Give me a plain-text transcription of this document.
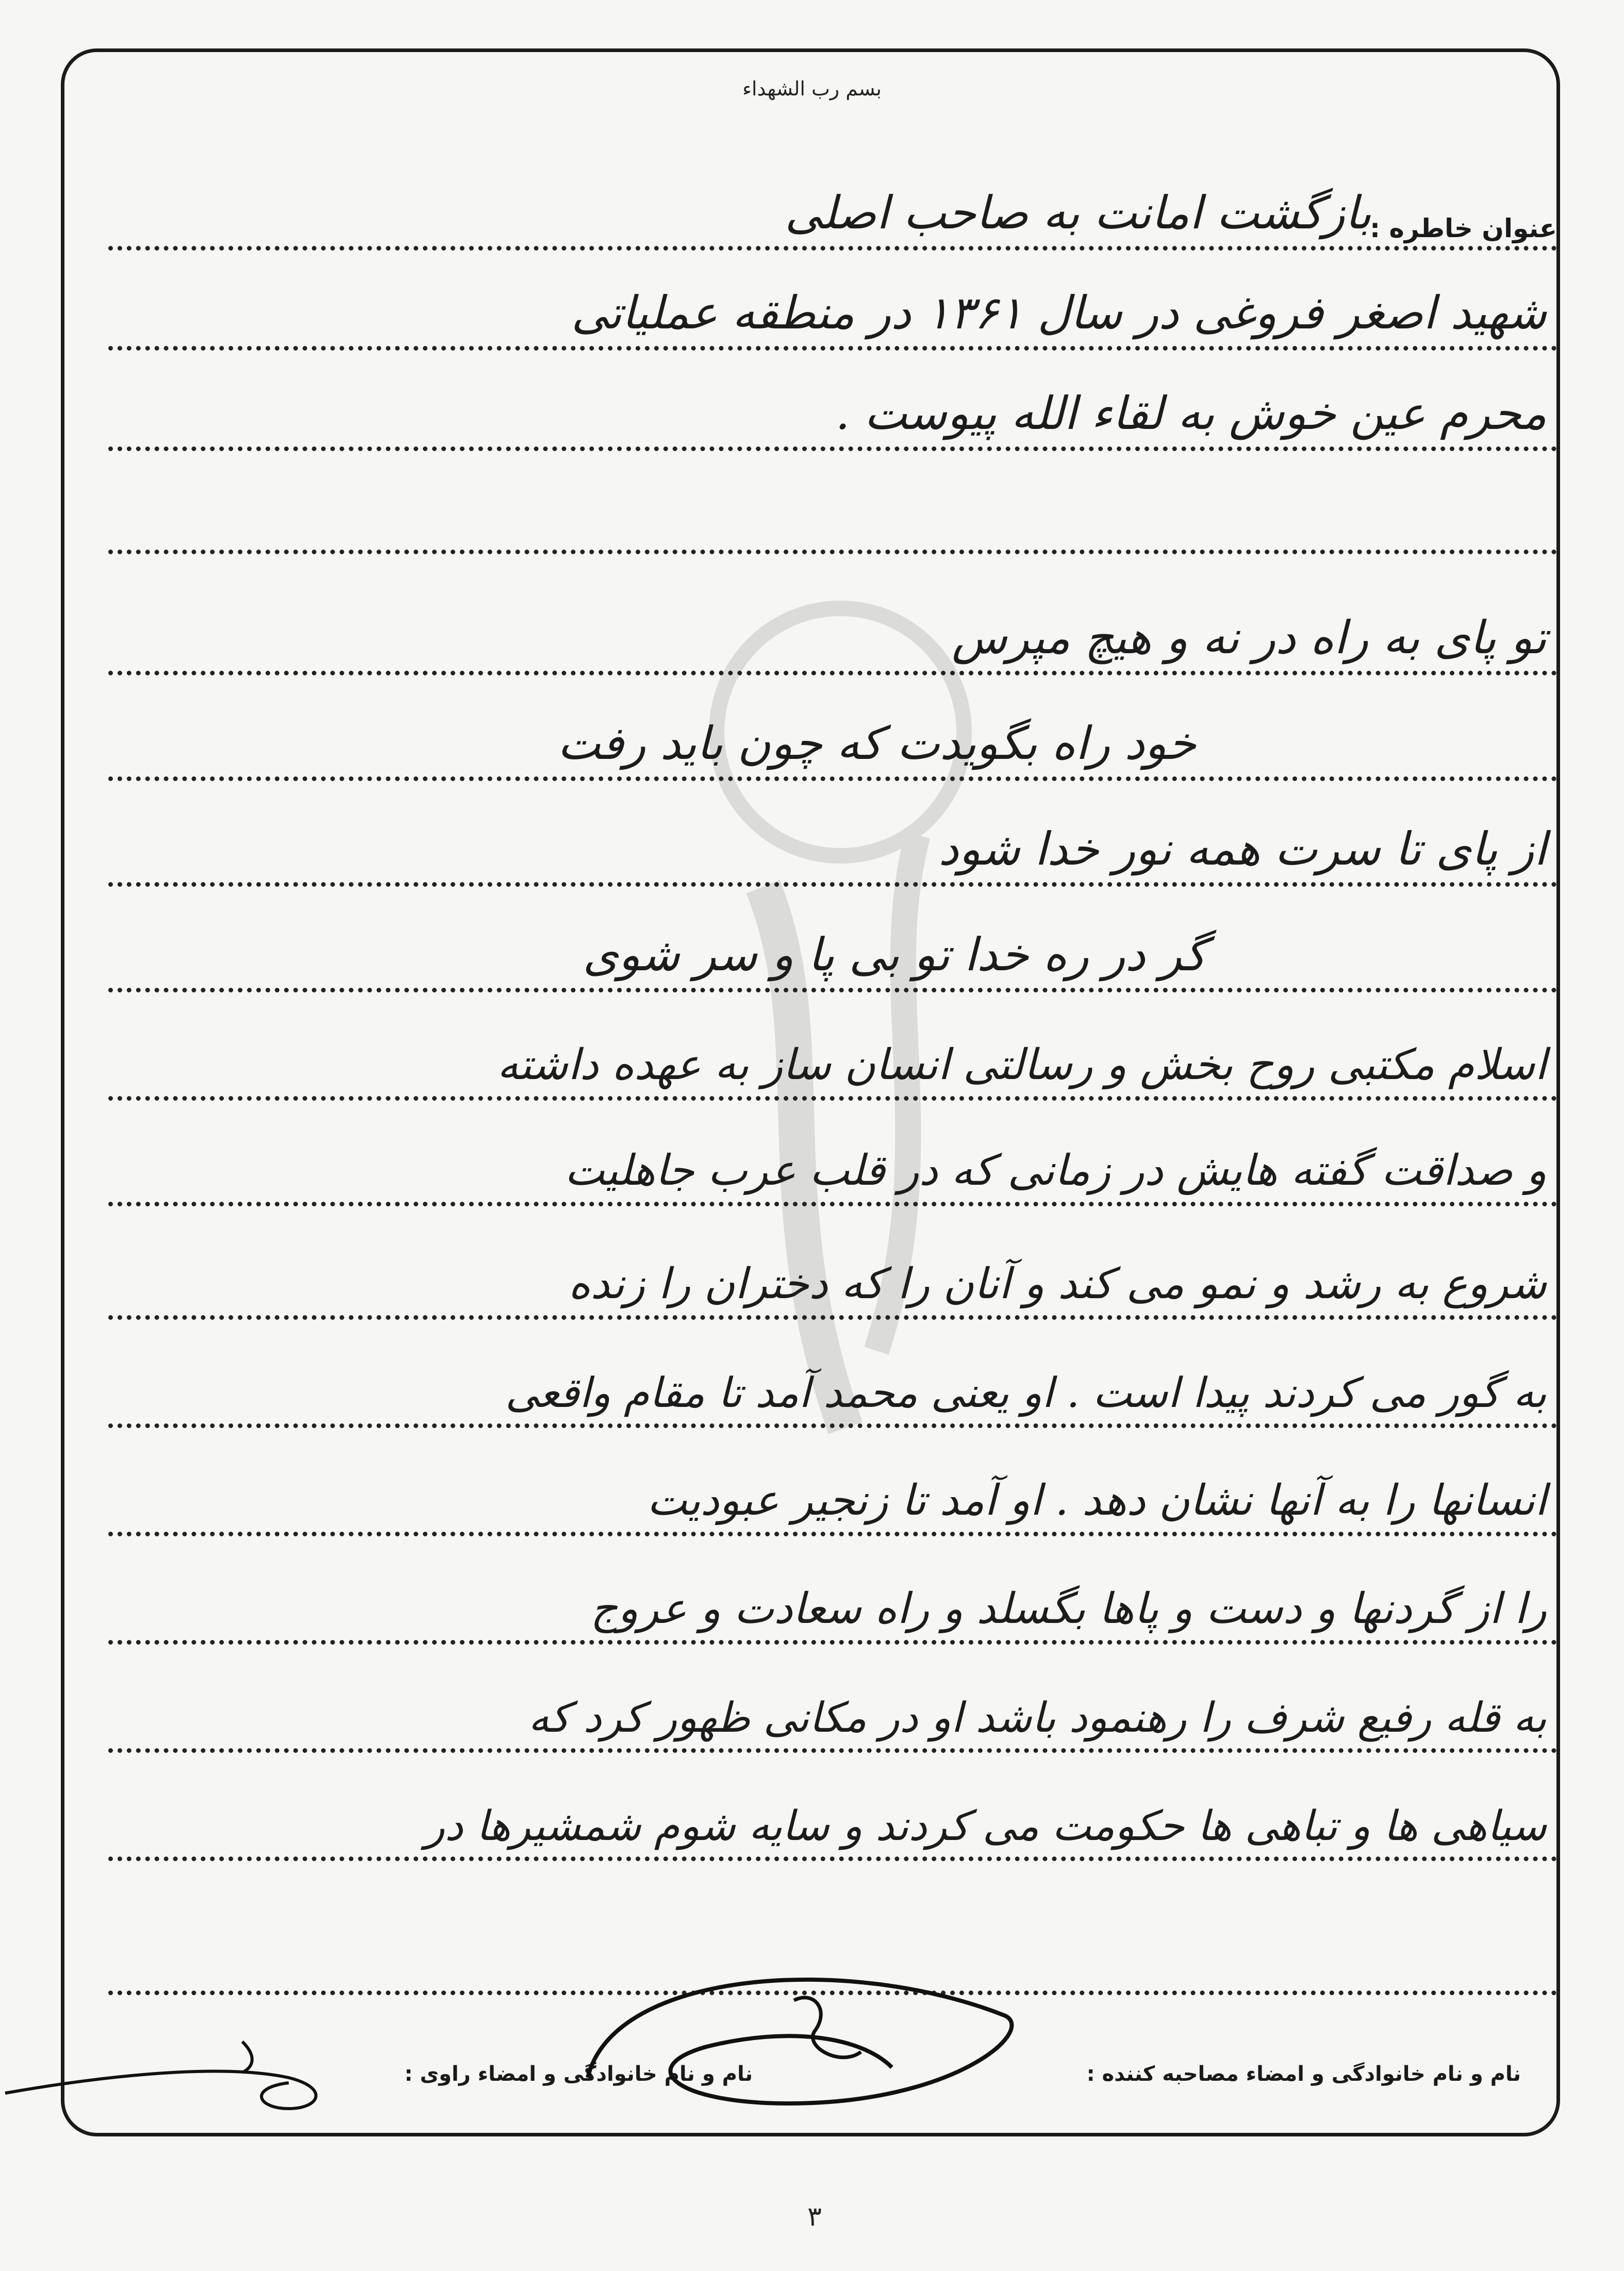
بسم رب الشهداء
عنوان خاطره :
بازگشت امانت به صاحب اصلی
شهید اصغر فروغی در سال ۱۳۶۱ در منطقه عملیاتی
محرم عین خوش به لقاء الله پیوست .
تو پای به راه در نه و هیچ مپرس
خود راه بگویدت که چون باید رفت
از پای تا سرت همه نور خدا شود
گر در ره خدا تو بی پا و سر شوی
اسلام مکتبی روح بخش و رسالتی انسان ساز به عهده داشته
و صداقت گفته هایش در زمانی که در قلب عرب جاهلیت
شروع به رشد و نمو می کند و آنان را که دختران را زنده
به گور می کردند پیدا است . او یعنی محمد آمد تا مقام واقعی
انسانها را به آنها نشان دهد . او آمد تا زنجیر عبودیت
را از گردنها و دست و پاها بگسلد و راه سعادت و عروج
به قله رفیع شرف را رهنمود باشد او در مکانی ظهور کرد که
سیاهی ها و تباهی ها حکومت می کردند و سایه شوم شمشیرها در
نام و نام خانوادگی و امضاء مصاحبه کننده :
نام و نام خانوادگی و امضاء راوی :
۳
